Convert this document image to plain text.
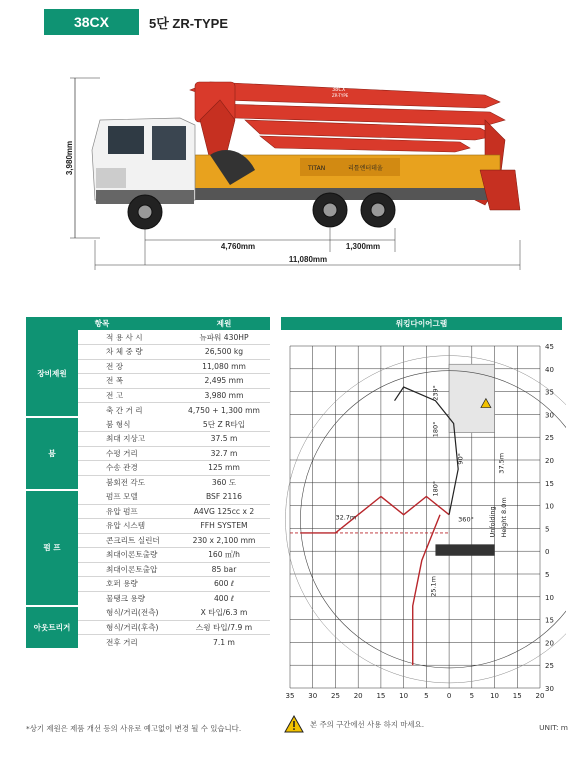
38CX	5단 ZR-TYPE
3,980mm
38CX
ZR-TYPE
TITAN	리틀엔터데울
4,760mm	1,300mm
11,080mm
항목		제원
장비제원	적 용 사 시	뉴파워 430HP
	차 체 중 량	26,500 kg
	전 장	11,080 mm
	전 폭	2,495 mm
	전 고	3,980 mm
	축 간 거 리	4,750 + 1,300 mm
붐	붐 형식	5단 Z R타입
	최대 지상고	37.5 m
	수평 거리	32.7 m
	수송 관경	125 mm
	붐회전 각도	360 도
펌 프	펌프 모델	BSF 2116
	유압 펌프	A4VG 125cc x 2
	유압 시스템	FFH SYSTEM
	콘크리트 실린더	230 x 2,100 mm
	최대이론토출량	160 ㎥/h
	최대이론토출압	85 bar
	호퍼 용량	600 ℓ
	물탱크 용량	400 ℓ
아웃트리거	형식/거리(전측)	X 타입/6.3 m
	형식/거리(후측)	스윙 타입/7.9 m
	전후 거리	7.1 m
워킹다이어그램
35 30 25 20 15 10 5	0	5 10 15 20
45
40
35
30
25
20
15
10
5
0
5
10
15
20
25
30
32.7m
37.5m
25.1m
Unfolding Height 8.0m
360°
239°
180°
180°
90°
*상기 제원은 제품 개선 등의 사유로 예고없이 변경 될 수 있습니다.	본 주의 구간에선 사용 하지 마세요.	UNIT: m
